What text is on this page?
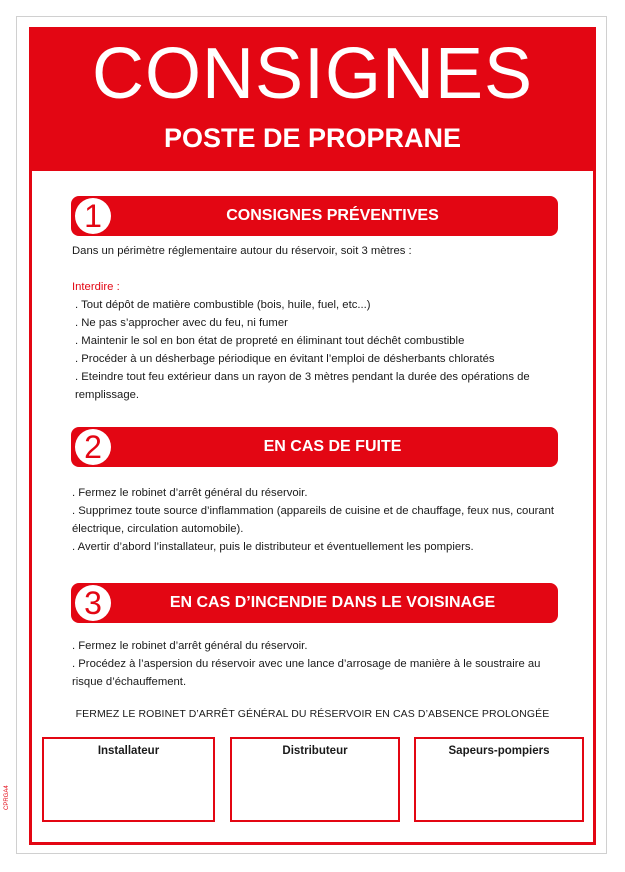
CONSIGNES
POSTE DE PROPRANE
1	CONSIGNES PRÉVENTIVES
Dans un périmètre réglementaire autour du réservoir, soit 3 mètres :
Interdire :
. Tout dépôt de matière combustible (bois, huile, fuel, etc...)
. Ne pas s’approcher avec du feu, ni fumer
. Maintenir le sol en bon état de propreté en éliminant tout déchêt combustible
. Procéder à un désherbage périodique en évitant l’emploi de désherbants chloratés
. Eteindre tout feu extérieur dans un rayon de 3 mètres pendant la durée des opérations de remplissage.
2	EN CAS DE FUITE
. Fermez le robinet d’arrêt général du réservoir.
. Supprimez toute source d’inflammation (appareils de cuisine et de chauffage, feux nus, courant électrique, circulation automobile).
. Avertir d’abord l’installateur, puis le distributeur et éventuellement les pompiers.
3	EN CAS D’INCENDIE DANS LE VOISINAGE
. Fermez le robinet d’arrêt général du réservoir.
. Procédez à l’aspersion du réservoir avec une lance d’arrosage de manière à le soustraire au risque d’échauffement.
FERMEZ LE ROBINET D’ARRÊT GÉNÉRAL DU RÉSERVOIR EN CAS D’ABSENCE PROLONGÉE
Installateur	Distributeur	Sapeurs-pompiers
CPRGA4
